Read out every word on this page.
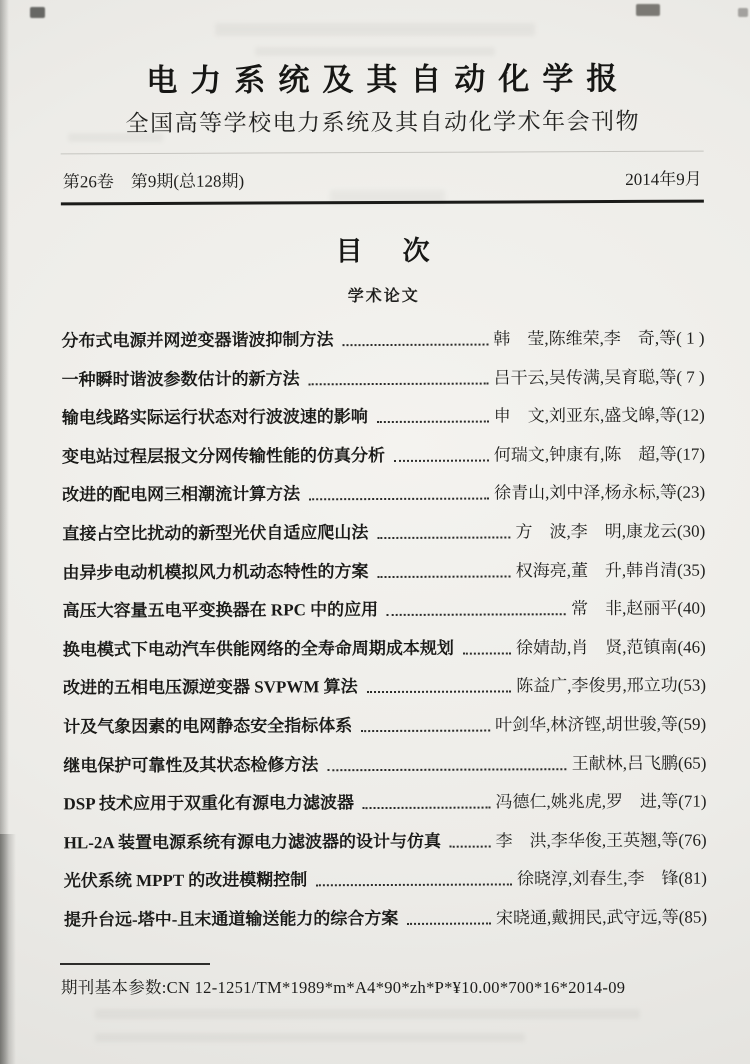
电力系统及其自动化学报
全国高等学校电力系统及其自动化学术年会刊物
第26卷　第9期(总128期)	2014年9月
目次
学术论文
分布式电源并网逆变器谐波抑制方法	韩　莹,陈维荣,李　奇,等 ( 1 )
一种瞬时谐波参数估计的新方法	吕干云,吴传满,吴育聪,等 ( 7 )
输电线路实际运行状态对行波波速的影响	申　文,刘亚东,盛戈皞,等 (12)
变电站过程层报文分网传输性能的仿真分析	何瑞文,钟康有,陈　超,等 (17)
改进的配电网三相潮流计算方法	徐青山,刘中泽,杨永标,等 (23)
直接占空比扰动的新型光伏自适应爬山法	方　波,李　明,康龙云 (30)
由异步电动机模拟风力机动态特性的方案	权海亮,董　升,韩肖清 (35)
高压大容量五电平变换器在 RPC 中的应用	常　非,赵丽平 (40)
换电模式下电动汽车供能网络的全寿命周期成本规划	徐婧劼,肖　贤,范镇南 (46)
改进的五相电压源逆变器 SVPWM 算法	陈益广,李俊男,邢立功 (53)
计及气象因素的电网静态安全指标体系	叶剑华,林济铿,胡世骏,等 (59)
继电保护可靠性及其状态检修方法	王献林,吕飞鹏 (65)
DSP 技术应用于双重化有源电力滤波器	冯德仁,姚兆虎,罗　进,等 (71)
HL-2A 装置电源系统有源电力滤波器的设计与仿真	李　洪,李华俊,王英翘,等 (76)
光伏系统 MPPT 的改进模糊控制	徐晓淳,刘春生,李　锋 (81)
提升台远-塔中-且末通道输送能力的综合方案	宋晓通,戴拥民,武守远,等 (85)
期刊基本参数:CN 12-1251/TM*1989*m*A4*90*zh*P*¥10.00*700*16*2014-09
